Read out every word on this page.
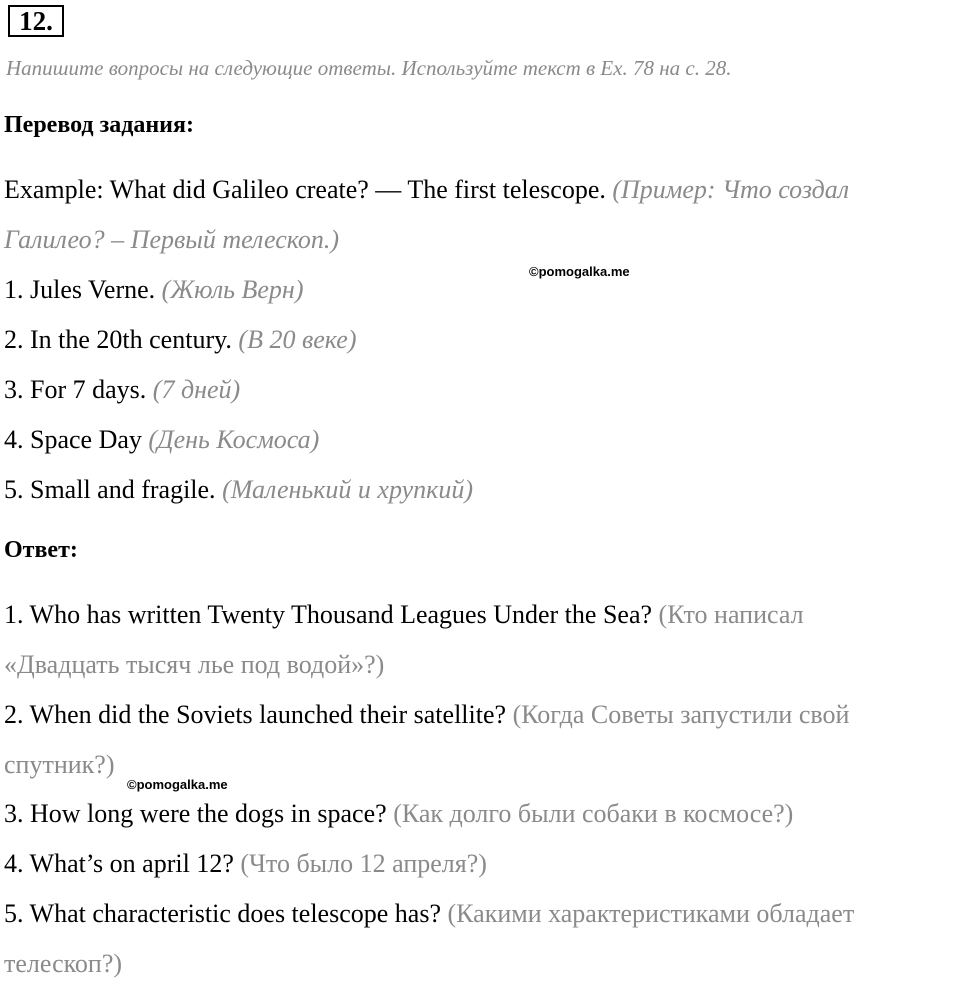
12.
Напишите вопросы на следующие ответы. Используйте текст в Ex. 78 на с. 28.
Перевод задания:
Example: What did Galileo create? — The first telescope. (Пример: Что создал
Галилео? – Первый телескоп.)
©pomogalka.me
1. Jules Verne. (Жюль Верн)
2. In the 20th century. (В 20 веке)
3. For 7 days. (7 дней)
4. Space Day (День Космоса)
5. Small and fragile. (Маленький и хрупкий)
Ответ:
1. Who has written Twenty Thousand Leagues Under the Sea? (Кто написал
«Двадцать тысяч лье под водой»?)
2. When did the Soviets launched their satellite? (Когда Советы запустили свой
спутник?)
©pomogalka.me
3. How long were the dogs in space? (Как долго были собаки в космосе?)
4. What’s on april 12? (Что было 12 апреля?)
5. What characteristic does telescope has? (Какими характеристиками обладает
телескоп?)
